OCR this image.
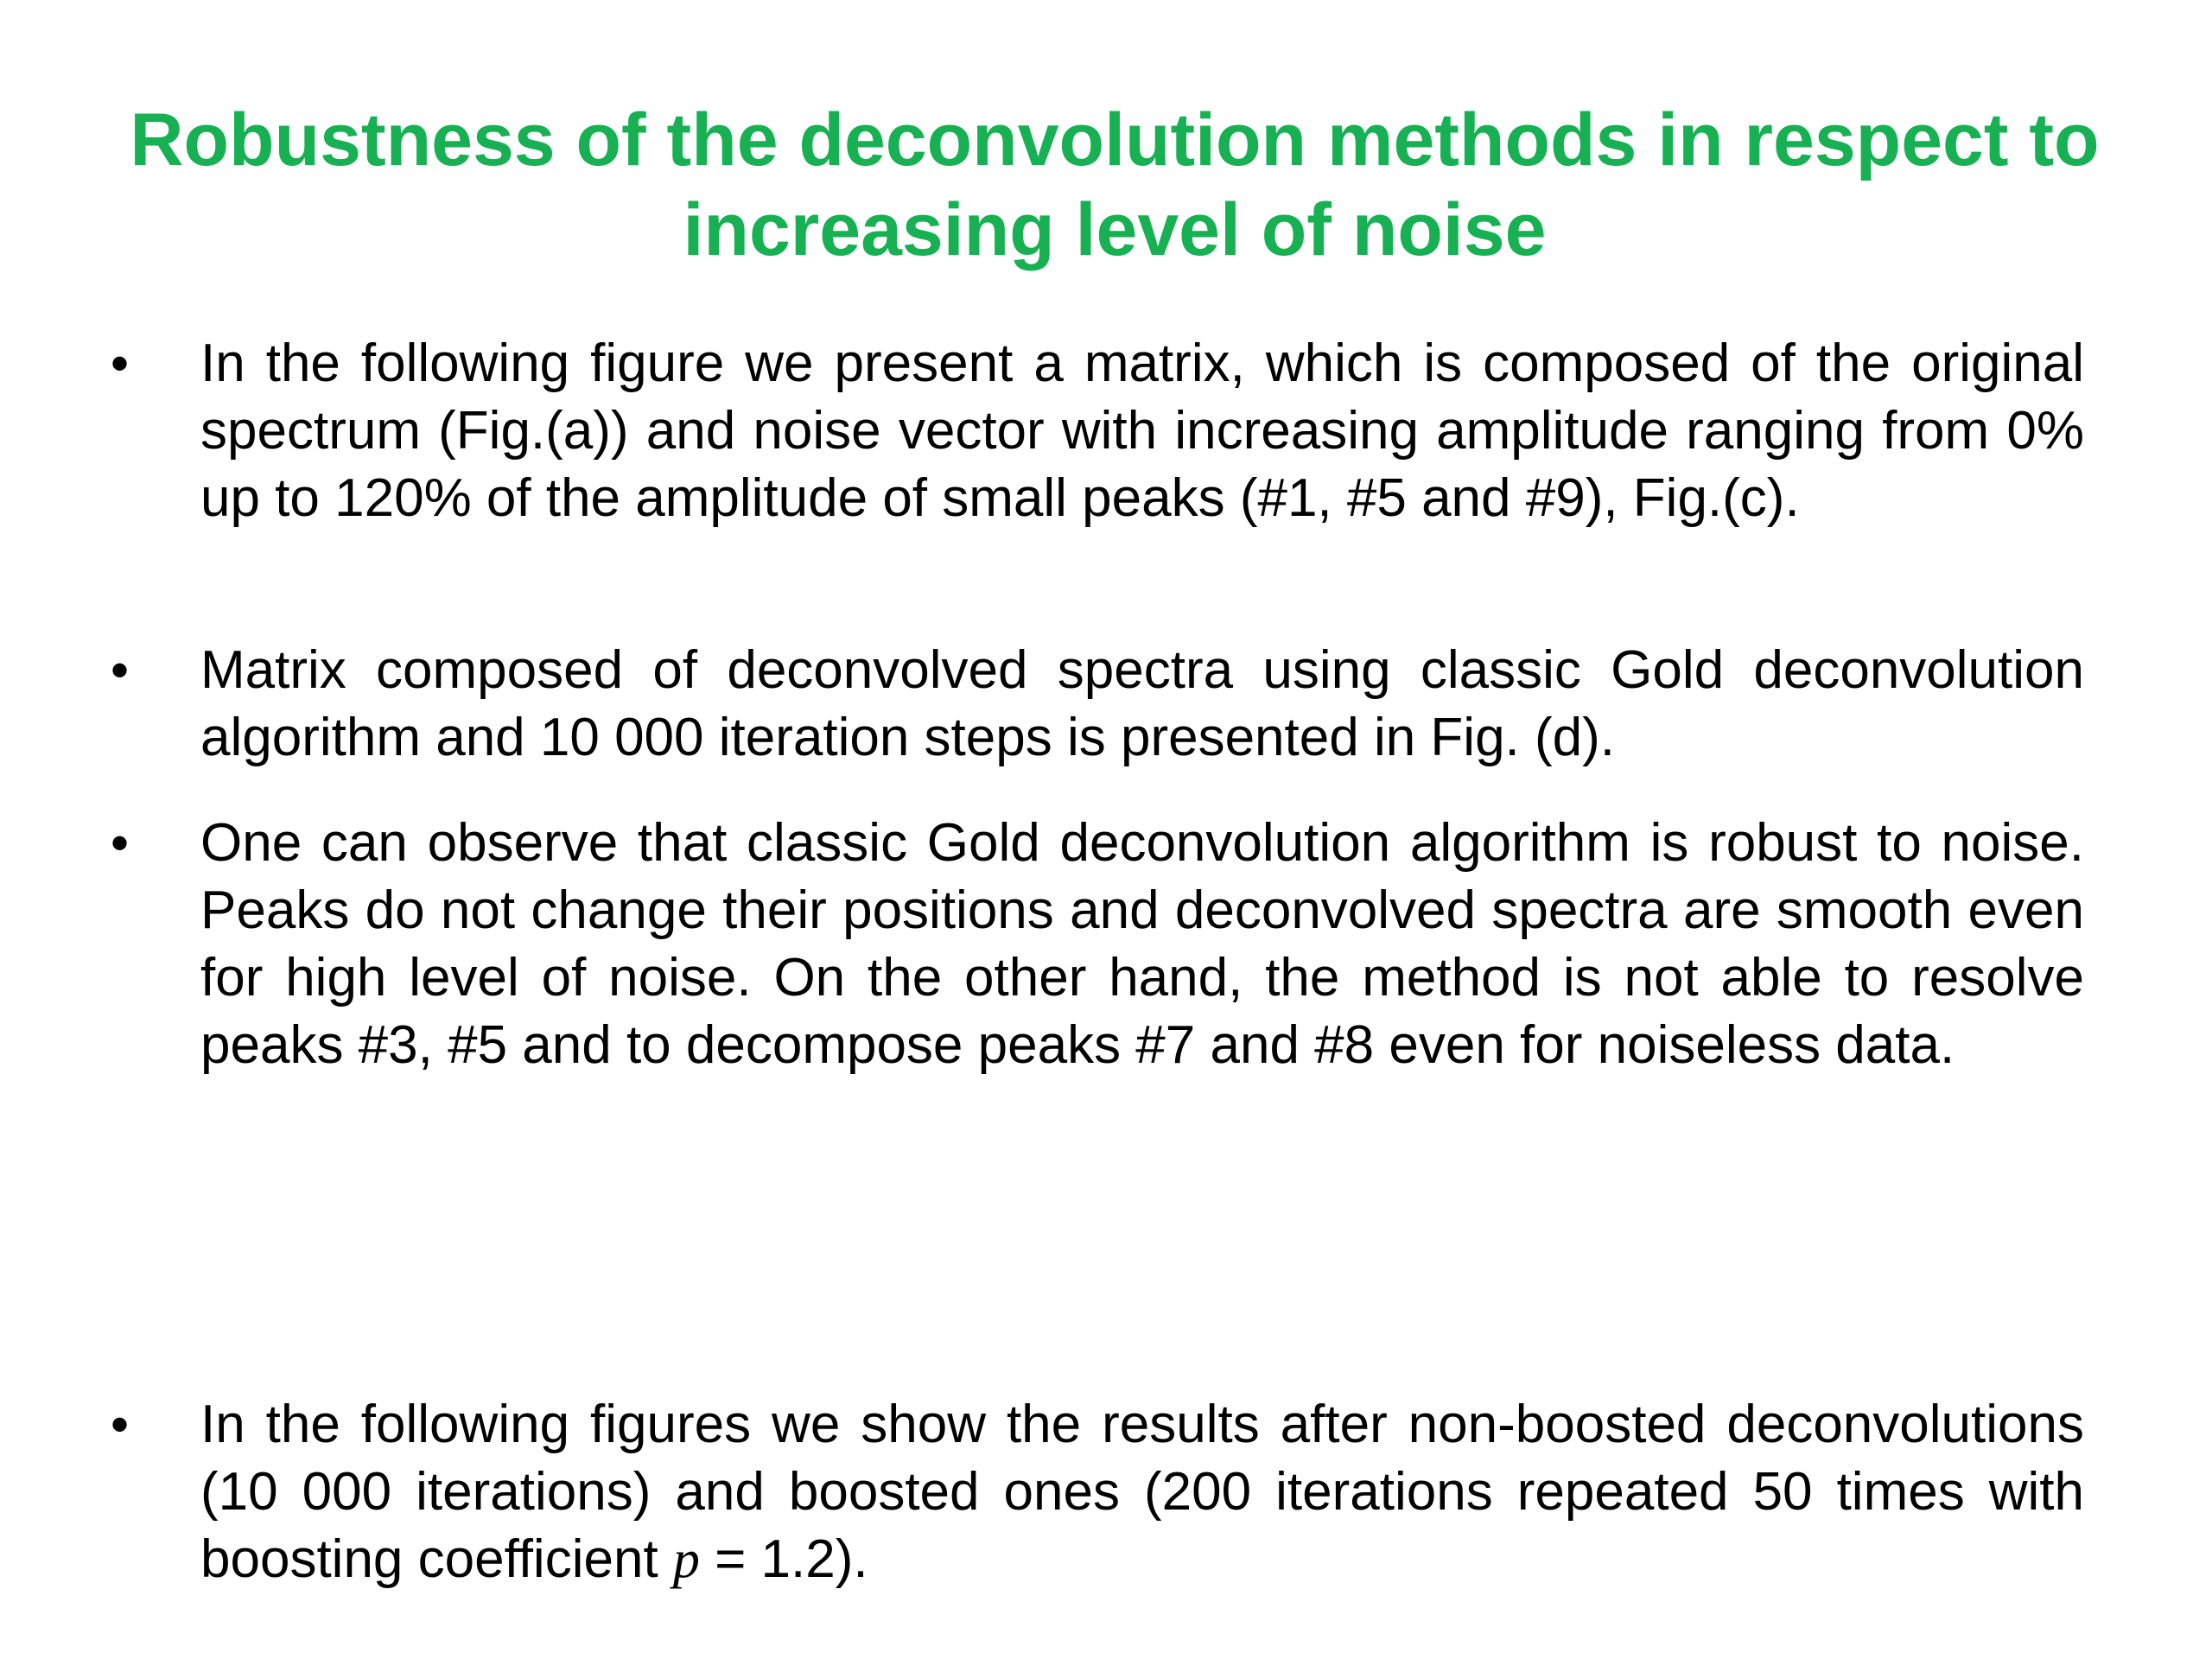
Robustness of the deconvolution methods in respect to increasing level of noise
• In the following figure we present a matrix, which is composed of the original spectrum (Fig.(a)) and noise vector with increasing amplitude ranging from 0% up to 120% of the amplitude of small peaks (#1, #5 and #9), Fig.(c).

• Matrix composed of deconvolved spectra using classic Gold deconvolution algorithm and 10 000 iteration steps is presented in Fig. (d).

• One can observe that classic Gold deconvolution algorithm is robust to noise. Peaks do not change their positions and deconvolved spectra are smooth even for high level of noise. On the other hand, the method is not able to resolve peaks #3, #5 and to decompose peaks #7 and #8 even for noiseless data.

• In the following figures we show the results after non-boosted deconvolutions (10 000 iterations) and boosted ones (200 iterations repeated 50 times with boosting coefficient p = 1.2).
